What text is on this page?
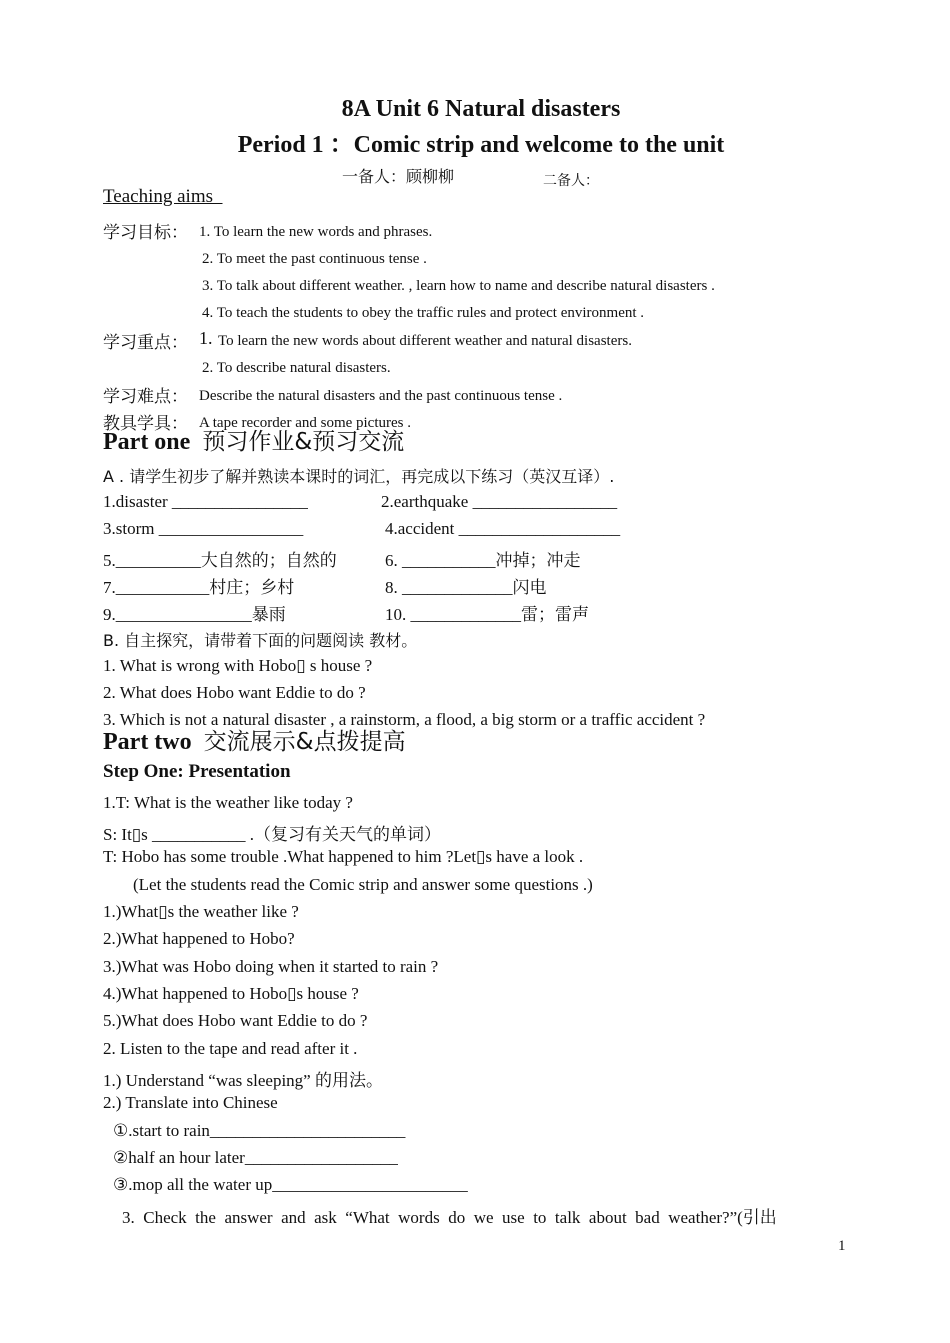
8A Unit 6 Natural disasters
Period 1 ：Comic strip and welcome to the unit
一备人：顾柳柳	二备人：
Teaching aims
学习目标： 1. To learn the new words and phrases.
2. To meet the past continuous tense .
3. To talk about different weather. , learn how to name and describe natural disasters .
4. To teach the students to obey the traffic rules and protect environment .
学习重点： 1. To learn the new words about different weather and natural disasters.
2. To describe natural disasters.
学习难点： Describe the natural disasters and the past continuous tense .
教具学具： A tape recorder and some pictures .
Part one 预习作业&预习交流
A . 请学生初步了解并熟读本课时的词汇，再完成以下练习（英汉互译）.
1.disaster ________________
3.storm _________________
5.__________大自然的；自然的
7.___________村庄；乡村
9.________________暴雨
2.earthquake _________________
4.accident ___________________
6. ___________冲掉；冲走
8. _____________闪电
10. _____________雷；雷声
B. 自主探究，请带着下面的问题阅读 教材。
1. What is wrong with Hobo▯ s house ?
2. What does Hobo want Eddie to do ?
3. Which is not a natural disaster , a rainstorm, a flood, a big storm or a traffic accident ?
Part two 交流展示&点拨提高
Step One: Presentation
1.T: What is the weather like today ?
S: It▯s ___________ .（复习有关天气的单词）
T: Hobo has some trouble .What happened to him ?Let▯s have a look .
(Let the students read the Comic strip and answer some questions .)
1.)What▯s the weather like ?
2.)What happened to Hobo?
3.)What was Hobo doing when it started to rain ?
4.)What happened to Hobo▯s house ?
5.)What does Hobo want Eddie to do ?
2. Listen to the tape and read after it .
1.) Understand “was sleeping” 的用法。
2.) Translate into Chinese
①.start to rain_______________________
②half an hour later__________________
③.mop all the water up_______________________
3.  Check  the  answer  and  ask  “What  words  do  we  use  to  talk  about  bad  weather?”(引出
1
